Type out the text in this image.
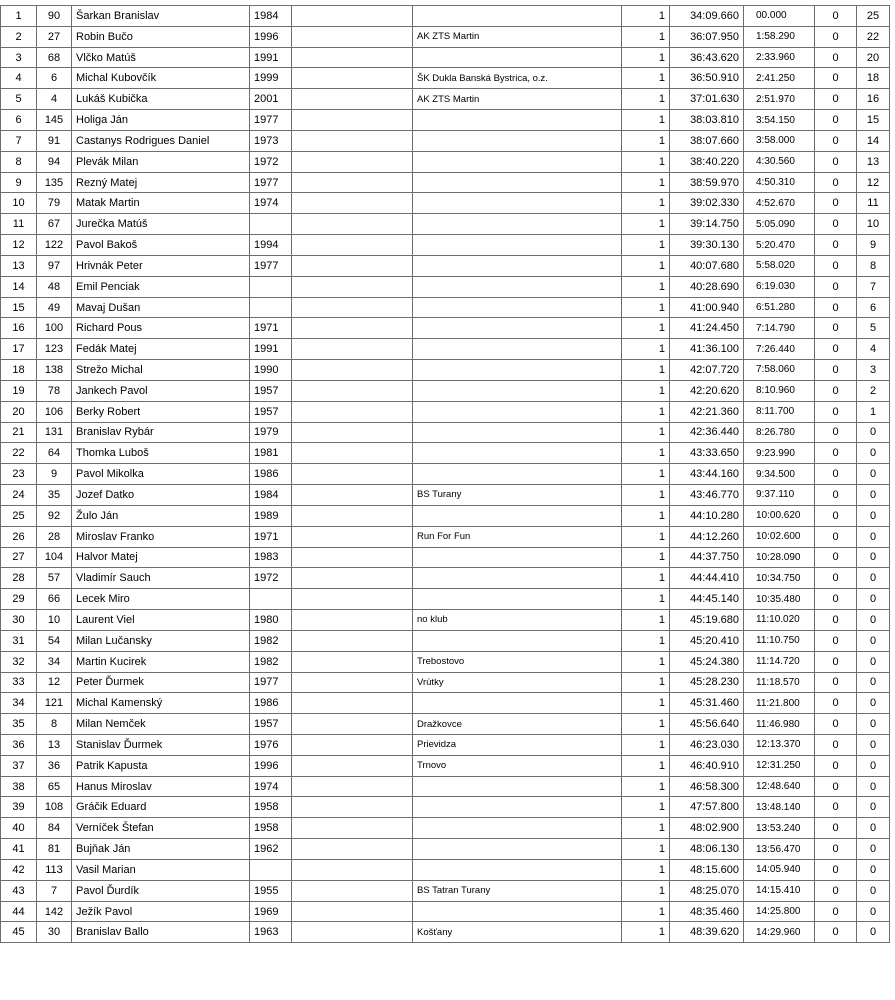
1	90	Šarkan Branislav	1984			1	34:09.660	00.000	0	25
2	27	Robin Bučo	1996		AK ZTS Martin	1	36:07.950	1:58.290	0	22
3	68	Vlčko Matúš	1991			1	36:43.620	2:33.960	0	20
4	6	Michal Kubovčík	1999		ŠK Dukla Banská Bystrica, o.z.	1	36:50.910	2:41.250	0	18
5	4	Lukáš Kubička	2001		AK ZTS Martin	1	37:01.630	2:51.970	0	16
6	145	Holiga Ján	1977			1	38:03.810	3:54.150	0	15
7	91	Castanys Rodrigues Daniel	1973			1	38:07.660	3:58.000	0	14
8	94	Plevák Milan	1972			1	38:40.220	4:30.560	0	13
9	135	Rezný Matej	1977			1	38:59.970	4:50.310	0	12
10	79	Matak Martin	1974			1	39:02.330	4:52.670	0	11
11	67	Jurečka Matúš				1	39:14.750	5:05.090	0	10
12	122	Pavol Bakoš	1994			1	39:30.130	5:20.470	0	9
13	97	Hrivnák Peter	1977			1	40:07.680	5:58.020	0	8
14	48	Emil Penciak				1	40:28.690	6:19.030	0	7
15	49	Mavaj Dušan				1	41:00.940	6:51.280	0	6
16	100	Richard Pous	1971			1	41:24.450	7:14.790	0	5
17	123	Fedák Matej	1991			1	41:36.100	7:26.440	0	4
18	138	Strežo Michal	1990			1	42:07.720	7:58.060	0	3
19	78	Jankech Pavol	1957			1	42:20.620	8:10.960	0	2
20	106	Berky Robert	1957			1	42:21.360	8:11.700	0	1
21	131	Branislav Rybár	1979			1	42:36.440	8:26.780	0	0
22	64	Thomka Luboš	1981			1	43:33.650	9:23.990	0	0
23	9	Pavol Mikolka	1986			1	43:44.160	9:34.500	0	0
24	35	Jozef Datko	1984		BS Turany	1	43:46.770	9:37.110	0	0
25	92	Žulo Ján	1989			1	44:10.280	10:00.620	0	0
26	28	Miroslav Franko	1971		Run For Fun	1	44:12.260	10:02.600	0	0
27	104	Halvor Matej	1983			1	44:37.750	10:28.090	0	0
28	57	Vladimír Sauch	1972			1	44:44.410	10:34.750	0	0
29	66	Lecek Miro				1	44:45.140	10:35.480	0	0
30	10	Laurent Viel	1980		no klub	1	45:19.680	11:10.020	0	0
31	54	Milan Lučansky	1982			1	45:20.410	11:10.750	0	0
32	34	Martin Kucirek	1982		Trebostovo	1	45:24.380	11:14.720	0	0
33	12	Peter Ďurmek	1977		Vrútky	1	45:28.230	11:18.570	0	0
34	121	Michal Kamenský	1986			1	45:31.460	11:21.800	0	0
35	8	Milan Nemček	1957		Dražkovce	1	45:56.640	11:46.980	0	0
36	13	Stanislav Ďurmek	1976		Prievidza	1	46:23.030	12:13.370	0	0
37	36	Patrik Kapusta	1996		Trnovo	1	46:40.910	12:31.250	0	0
38	65	Hanus Miroslav	1974			1	46:58.300	12:48.640	0	0
39	108	Gráčik Eduard	1958			1	47:57.800	13:48.140	0	0
40	84	Verníček Štefan	1958			1	48:02.900	13:53.240	0	0
41	81	Bujňak Ján	1962			1	48:06.130	13:56.470	0	0
42	113	Vasil Marian				1	48:15.600	14:05.940	0	0
43	7	Pavol Ďurdík	1955		BS Tatran Turany	1	48:25.070	14:15.410	0	0
44	142	Ježík Pavol	1969			1	48:35.460	14:25.800	0	0
45	30	Branislav Ballo	1963		Košťany	1	48:39.620	14:29.960	0	0
